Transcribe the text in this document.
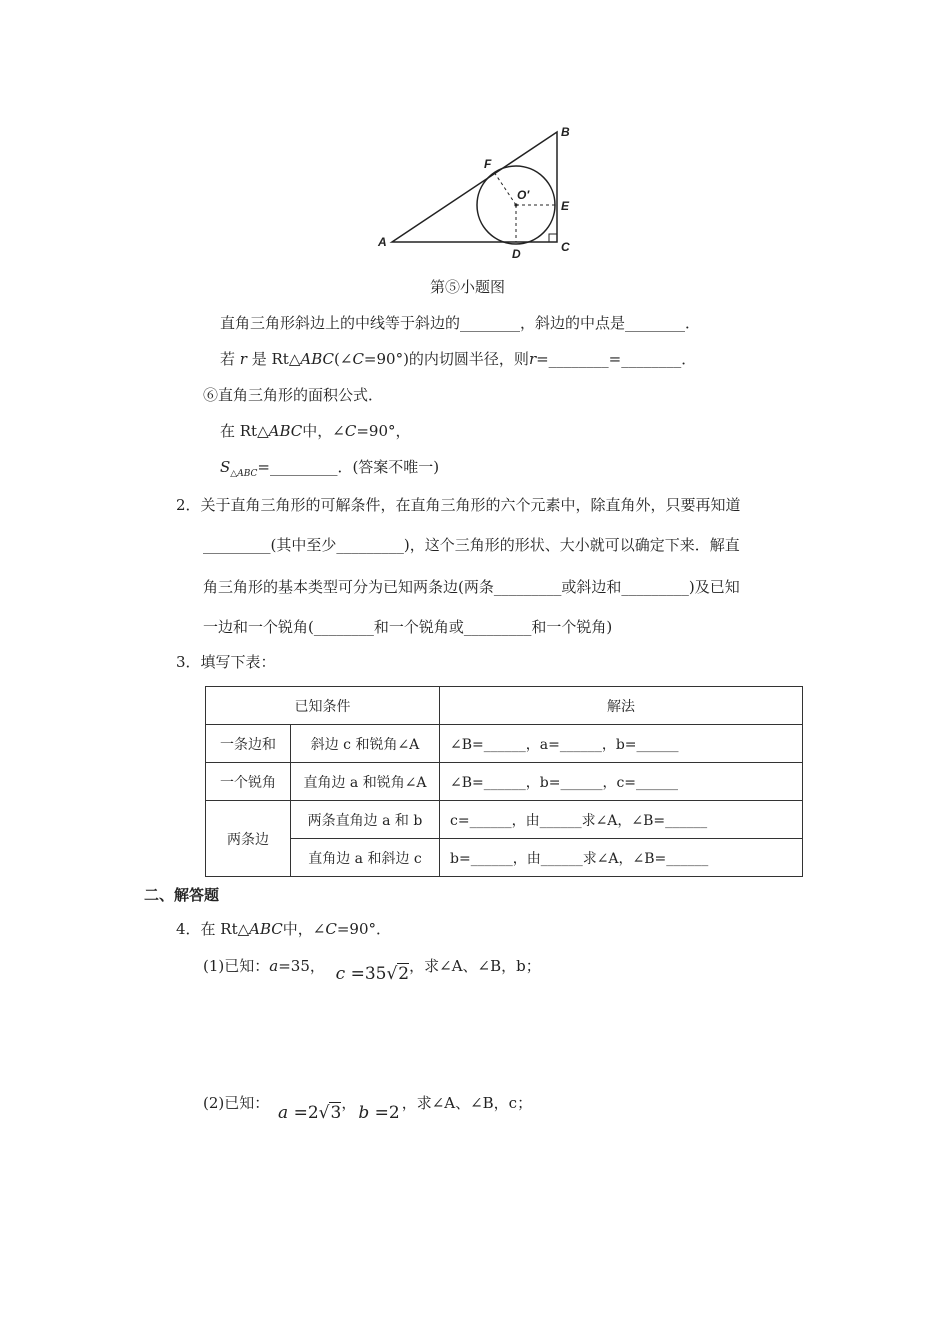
A
B
C
D
E
F
O′
第⑤小题图
直角三角形斜边上的中线等于斜边的________，斜边的中点是________．
若 r 是 Rt△ABC(∠C=90°)的内切圆半径，则r=________=________．
⑥直角三角形的面积公式．
在 Rt△ABC中，∠C=90°，
$S_{\triangle ABC}=\_\_\_\_\_\_\_\_\_$．(答案不唯一)
2．关于直角三角形的可解条件，在直角三角形的六个元素中，除直角外，只要再知道
_________(其中至少_________)，这个三角形的形状、大小就可以确定下来．解直
角三角形的基本类型可分为已知两条边(两条_________或斜边和_________)及已知
一边和一个锐角(________和一个锐角或_________和一个锐角)
3．填写下表：
已知条件		解法
一条边和	斜边 c 和锐角∠A	∠B=______，a=______，b=______
一个锐角	直角边 a 和锐角∠A	∠B=______，b=______，c=______
两条边	两条直角边 a 和 b	c=______，由______求∠A，∠B=______
	直角边 a 和斜边 c	b=______，由______求∠A，∠B=______
二、解答题
4．在 Rt△ABC中，∠C=90°．
(1)已知：a=35， c =35√2，求∠A、∠B，b；
(2)已知： a =2√3， b =2 ，求∠A、∠B，c；
